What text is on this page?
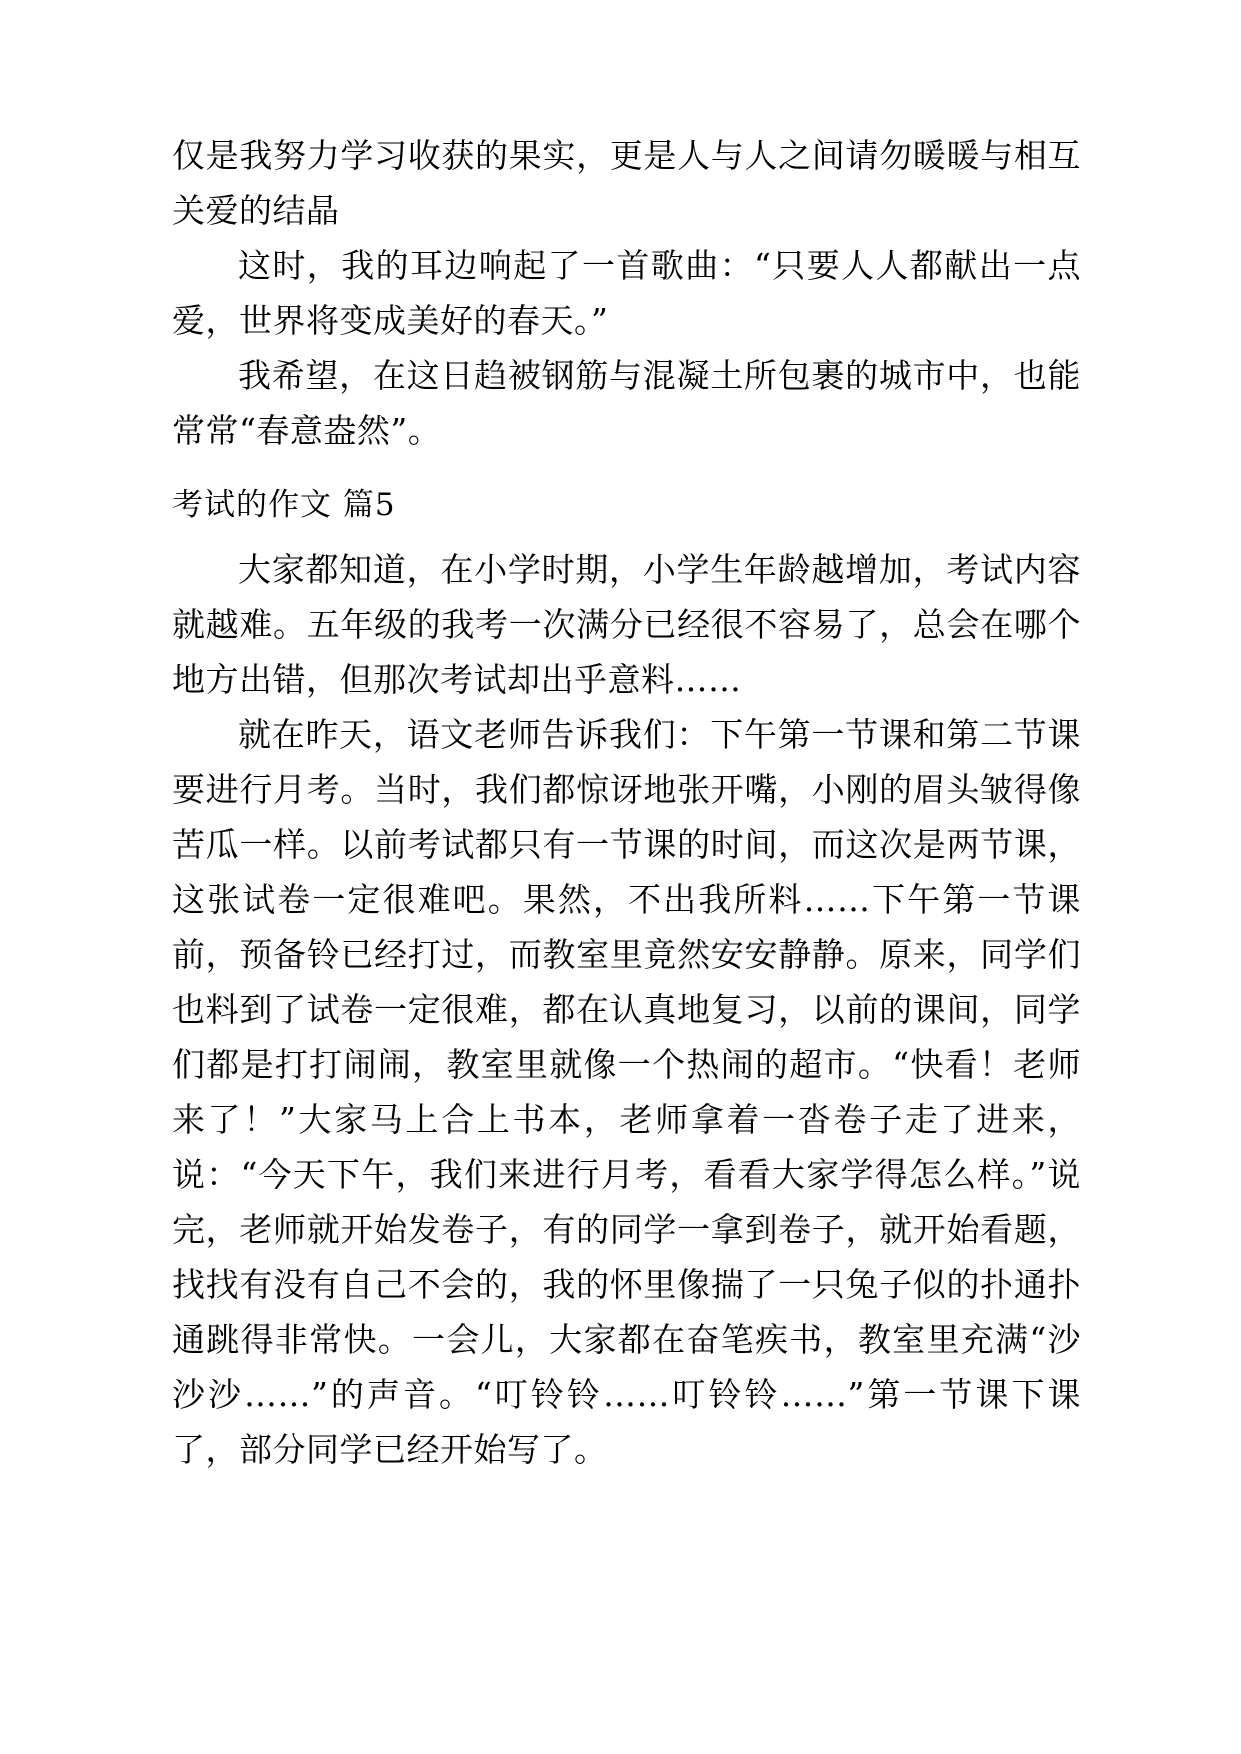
仅是我努力学习收获的果实，更是人与人之间请勿暖暖与相互关爱的结晶

这时，我的耳边响起了一首歌曲：“只要人人都献出一点爱，世界将变成美好的春天。”

我希望，在这日趋被钢筋与混凝土所包裹的城市中，也能常常“春意盎然”。

考试的作文 篇5

大家都知道，在小学时期，小学生年龄越增加，考试内容就越难。五年级的我考一次满分已经很不容易了，总会在哪个地方出错，但那次考试却出乎意料……

就在昨天，语文老师告诉我们：下午第一节课和第二节课要进行月考。当时，我们都惊讶地张开嘴，小刚的眉头皱得像苦瓜一样。以前考试都只有一节课的时间，而这次是两节课，这张试卷一定很难吧。果然，不出我所料……下午第一节课前，预备铃已经打过，而教室里竟然安安静静。原来，同学们也料到了试卷一定很难，都在认真地复习，以前的课间，同学们都是打打闹闹，教室里就像一个热闹的超市。“快看！老师来了！”大家马上合上书本，老师拿着一沓卷子走了进来，说：“今天下午，我们来进行月考，看看大家学得怎么样。”说完，老师就开始发卷子，有的同学一拿到卷子，就开始看题，找找有没有自己不会的，我的怀里像揣了一只兔子似的扑通扑通跳得非常快。一会儿，大家都在奋笔疾书，教室里充满“沙沙沙……”的声音。“叮铃铃……叮铃铃……”第一节课下课了，部分同学已经开始写了。
